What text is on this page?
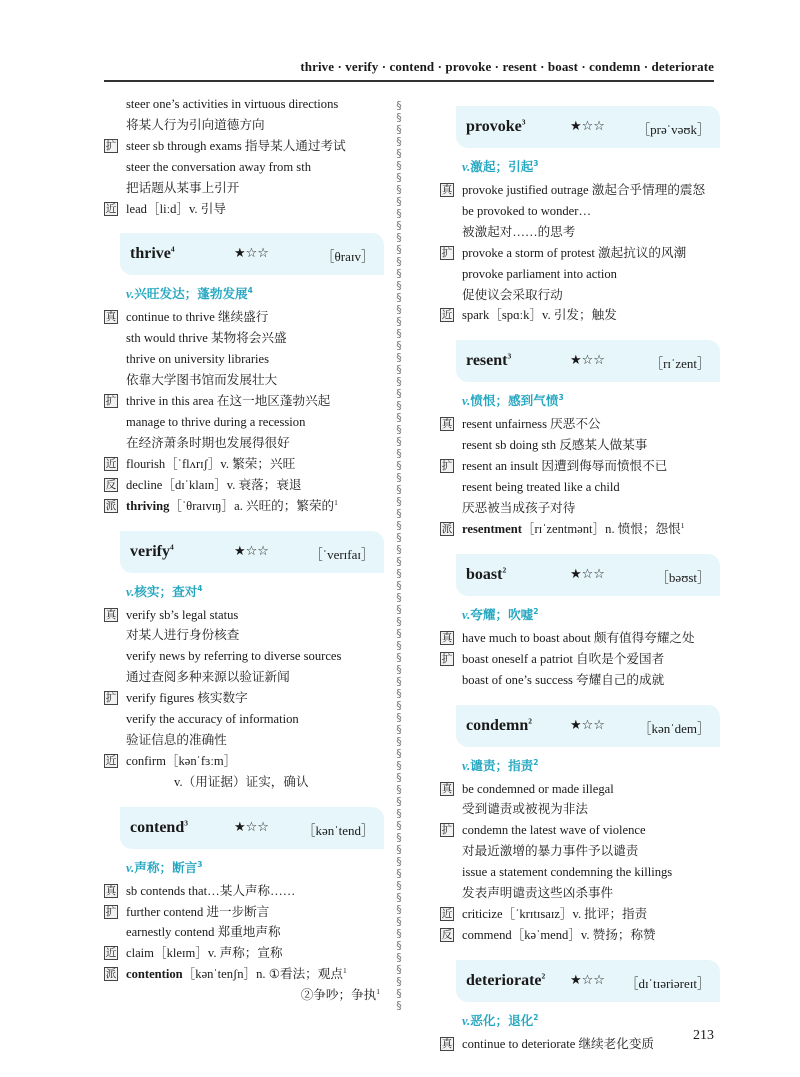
thrive · verify · contend · provoke · resent · boast · condemn · deteriorate
steer one’s activities in virtuous directions
将某人行为引向道德方向
扩 steer sb through exams 指导某人通过考试
steer the conversation away from sth
把话题从某事上引开
近 lead［liːd］v. 引导
thrive$^4$	★☆☆	［θraɪv］
v.兴旺发达；蓬勃发展$^4$
真 continue to thrive 继续盛行
sth would thrive 某物将会兴盛
thrive on university libraries
依靠大学图书馆而发展壮大
扩 thrive in this area 在这一地区蓬勃兴起
manage to thrive during a recession
在经济萧条时期也发展得很好
近 flourish［ˈflʌrɪʃ］v. 繁荣；兴旺
反 decline［dɪˈklaɪn］v. 衰落；衰退
派 thriving［ˈθraɪvɪŋ］a. 兴旺的；繁荣的$^1$
verify$^4$	★☆☆	［ˈverɪfaɪ］
v.核实；查对$^4$
真 verify sb’s legal status
对某人进行身份核查
verify news by referring to diverse sources
通过查阅多种来源以验证新闻
扩 verify figures 核实数字
verify the accuracy of information
验证信息的准确性
近 confirm［kənˈfɜːm］
v.（用证据）证实，确认
contend$^3$	★☆☆	［kənˈtend］
v.声称；断言$^3$
真 sb contends that…某人声称……
扩 further contend 进一步断言
earnestly contend 郑重地声称
近 claim［kleɪm］v. 声称；宣称
派 contention［kənˈtenʃn］n. ①看法；观点$^1$
②争吵；争执$^1$
§
§
§
§
§
§
§
§
§
§
§
§
§
§
§
§
§
§
§
§
§
§
§
§
§
§
§
§
§
§
§
§
§
§
§
§
§
§
§
§
§
§
§
§
§
§
§
§
§
§
§
§
§
§
§
§
§
§
§
§
§
§
§
§
§
§
§
§
§
§
§
§
§
§
§
§
provoke$^3$	★☆☆ ［prəˈvəʊk］
v.激起；引起$^3$
真 provoke justified outrage 激起合乎情理的震怒
be provoked to wonder…
被激起对……的思考
扩 provoke a storm of protest 激起抗议的风潮
provoke parliament into action
促使议会采取行动
近 spark［spɑːk］v. 引发；触发
resent$^3$	★☆☆	［rɪˈzent］
v.愤恨；感到气愤$^3$
真 resent unfairness 厌恶不公
resent sb doing sth 反感某人做某事
扩 resent an insult 因遭到侮辱而愤恨不已
resent being treated like a child
厌恶被当成孩子对待
派 resentment［rɪˈzentmənt］n. 愤恨；怨恨$^1$
boast$^2$	★☆☆	［bəʊst］
v.夸耀；吹嘘$^2$
真 have much to boast about 颇有值得夸耀之处
扩 boast oneself a patriot 自吹是个爱国者
boast of one’s success 夸耀自己的成就
condemn$^2$	★☆☆	［kənˈdem］
v.谴责；指责$^2$
真 be condemned or made illegal
受到谴责或被视为非法
扩 condemn the latest wave of violence
对最近激增的暴力事件予以谴责
issue a statement condemning the killings
发表声明谴责这些凶杀事件
近 criticize［ˈkrɪtɪsaɪz］v. 批评；指责
反 commend［kəˈmend］v. 赞扬；称赞
deteriorate$^2$ ★☆☆ ［dɪˈtɪəriəreɪt］
v.恶化；退化$^2$
真 continue to deteriorate 继续老化变质
213
